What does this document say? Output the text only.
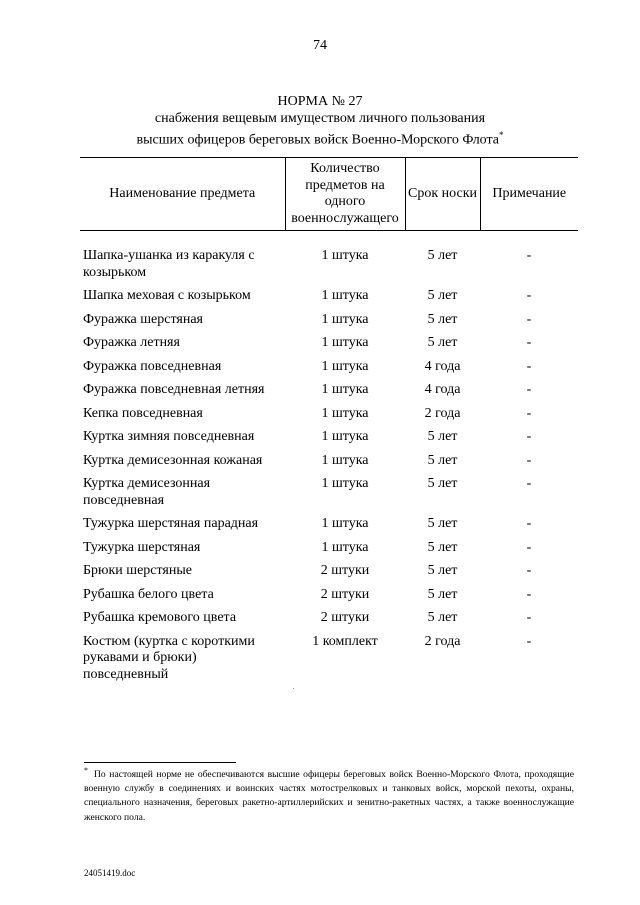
74
НОРМА № 27
снабжения вещевым имуществом личного пользования
высших офицеров береговых войск Военно-Морского Флота*
Наименование предмета	Количество предметов на одного военнослужащего	Срок носки	Примечание

Шапка-ушанка из каракуля с козырьком	1 штука	5 лет	-
Шапка меховая с козырьком	1 штука	5 лет	-
Фуражка шерстяная	1 штука	5 лет	-
Фуражка летняя	1 штука	5 лет	-
Фуражка повседневная	1 штука	4 года	-
Фуражка повседневная летняя	1 штука	4 года	-
Кепка повседневная	1 штука	2 года	-
Куртка зимняя повседневная	1 штука	5 лет	-
Куртка демисезонная кожаная	1 штука	5 лет	-
Куртка демисезонная повседневная	1 штука	5 лет	-
Тужурка шерстяная парадная	1 штука	5 лет	-
Тужурка шерстяная	1 штука	5 лет	-
Брюки шерстяные	2 штуки	5 лет	-
Рубашка белого цвета	2 штуки	5 лет	-
Рубашка кремового цвета	2 штуки	5 лет	-
Костюм (куртка с короткими рукавами и брюки) повседневный	1 комплект	2 года	-
* По настоящей норме не обеспечиваются высшие офицеры береговых войск Военно-Морского Флота, проходящие военную службу в соединениях и воинских частях мотострелковых и танковых войск, морской пехоты, охраны, специального назначения, береговых ракетно-артиллерийских и зенитно-ракетных частях, а также военнослужащие женского пола.
24051419.doc
